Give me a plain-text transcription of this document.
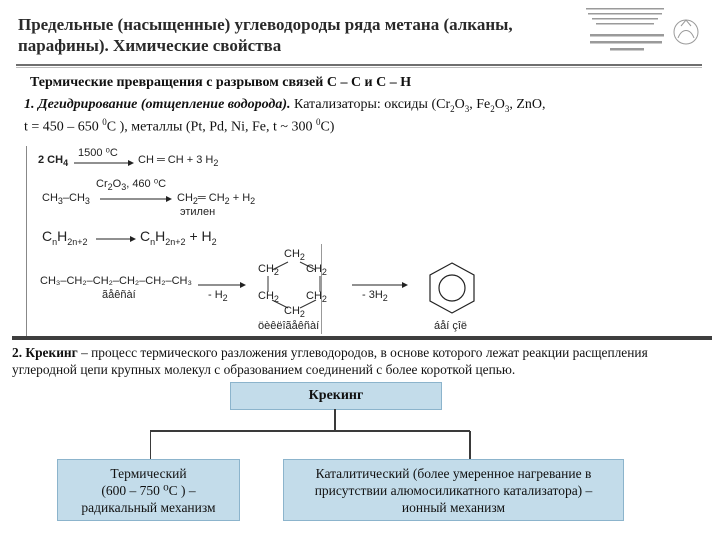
Предельные (насыщенные) углеводороды ряда метана (алканы,
парафины). Химические свойства
Термические превращения с разрывом связей С – С и С – Н
1. Дегидрирование (отщепление водорода). Катализаторы: оксиды ($Cr_2O_3$, $Fe_2O_3$, ZnO,
t = 450 – 650 $^0$С ), металлы (Pt, Pd, Ni, Fe, t ~ 300 $^0$С)
2 $CH_4$
1500 ⁰С
→ CH ═ CH + 3 $H_2$
$Cr_2O_3$, 460 ⁰С
$CH_3-CH_3$	$CH_2═$ $CH_2 + H_2$
этилен
$C_nH_{2n+2} \to C_nH_{2n+2} + H_2$
CH₃–CH₂–CH₂–CH₂–CH₂–CH₃
ãåêñàí	- $H_2$
$CH_2$
$CH_2$ $CH_2$
$CH_2$ $CH_2$
$CH_2$
öèêëîãåêñàí
- $3H_2$
áåí çîë
2. Крекинг – процесс термического разложения углеводородов, в основе которого лежат реакции расщепления углеродной цепи крупных молекул с образованием соединений с более короткой цепью.
Крекинг
Термический
(600 – 750 ⁰С ) –
радикальный механизм
Каталитический (более умеренное нагревание в
присутствии алюмосиликатного катализатора) –
ионный механизм
